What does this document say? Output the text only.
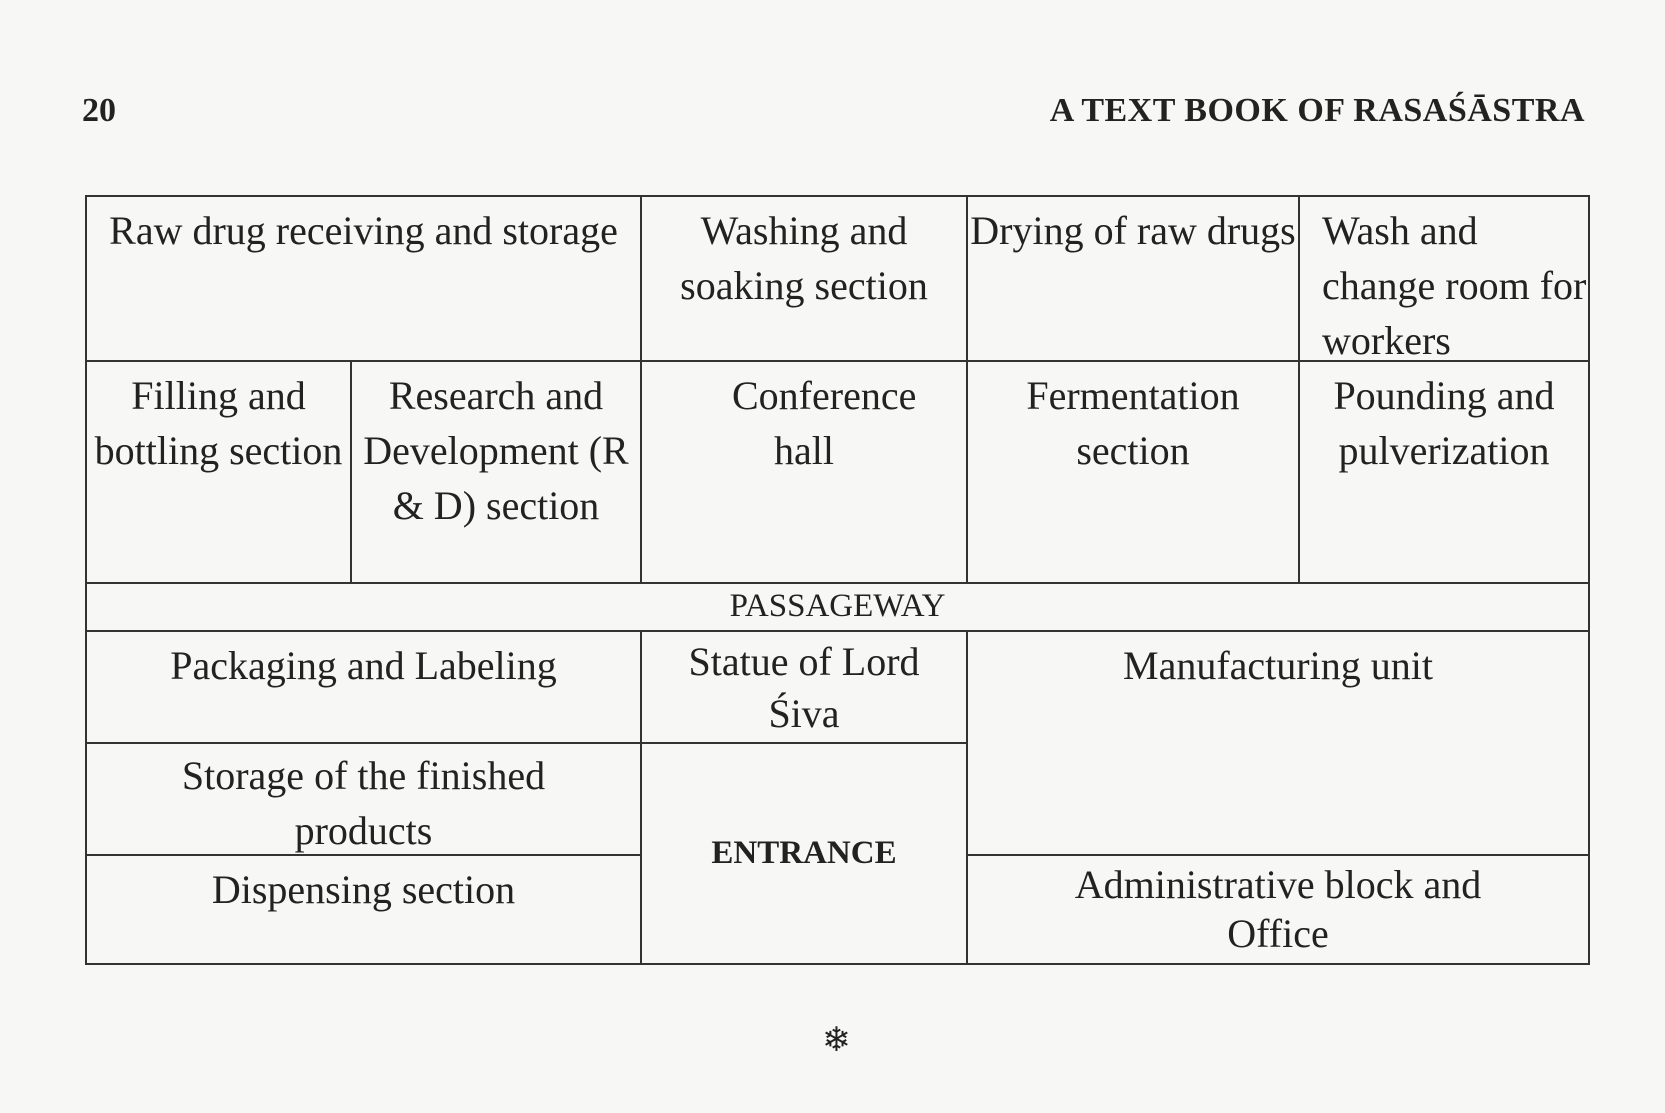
20	A TEXT BOOK OF RASAŚĀSTRA
Raw drug receiving and storage	Washing and soaking section
Drying of raw drugs Wash and change room for workers
Filling and bottling section
Research and Development (R & D) section
Conference hall
Fermentation section
Pounding and pulverization
PASSAGEWAY
Packaging and Labeling
Storage of the finished products
Dispensing section
Statue of Lord Śiva
ENTRANCE
Manufacturing unit
Administrative block and Office
❄
